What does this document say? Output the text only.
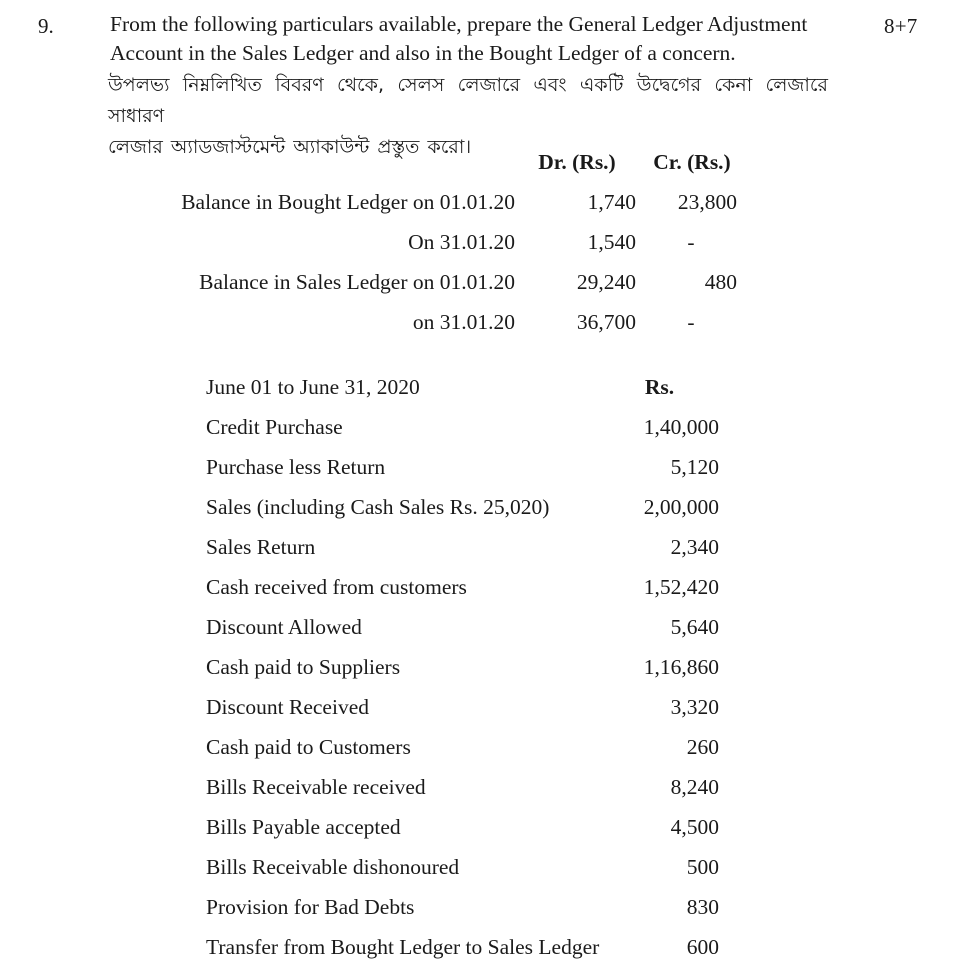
9.	8+7
From the following particulars available, prepare the General Ledger Adjustment Account in the Sales Ledger and also in the Bought Ledger of a concern.
উপলভ্য নিম্নলিখিত বিবরণ থেকে, সেলস লেজারে এবং একটি উদ্বেগের কেনা লেজারে সাধারণ
লেজার অ্যাডজাস্টমেন্ট অ্যাকাউন্ট প্রস্তুত করো।
Dr. (Rs.)	Cr. (Rs.)
Balance in Bought Ledger on 01.01.20	1,740	23,800
On 31.01.20	1,540	-
Balance in Sales Ledger on 01.01.20	29,240	480
on 31.01.20	36,700	-
June 01 to June 31, 2020	Rs.
Credit Purchase	1,40,000
Purchase less Return	5,120
Sales (including Cash Sales Rs. 25,020)	2,00,000
Sales Return	2,340
Cash received from customers	1,52,420
Discount Allowed	5,640
Cash paid to Suppliers	1,16,860
Discount Received	3,320
Cash paid to Customers	260
Bills Receivable received	8,240
Bills Payable accepted	4,500
Bills Receivable dishonoured	500
Provision for Bad Debts	830
Transfer from Bought Ledger to Sales Ledger	600
